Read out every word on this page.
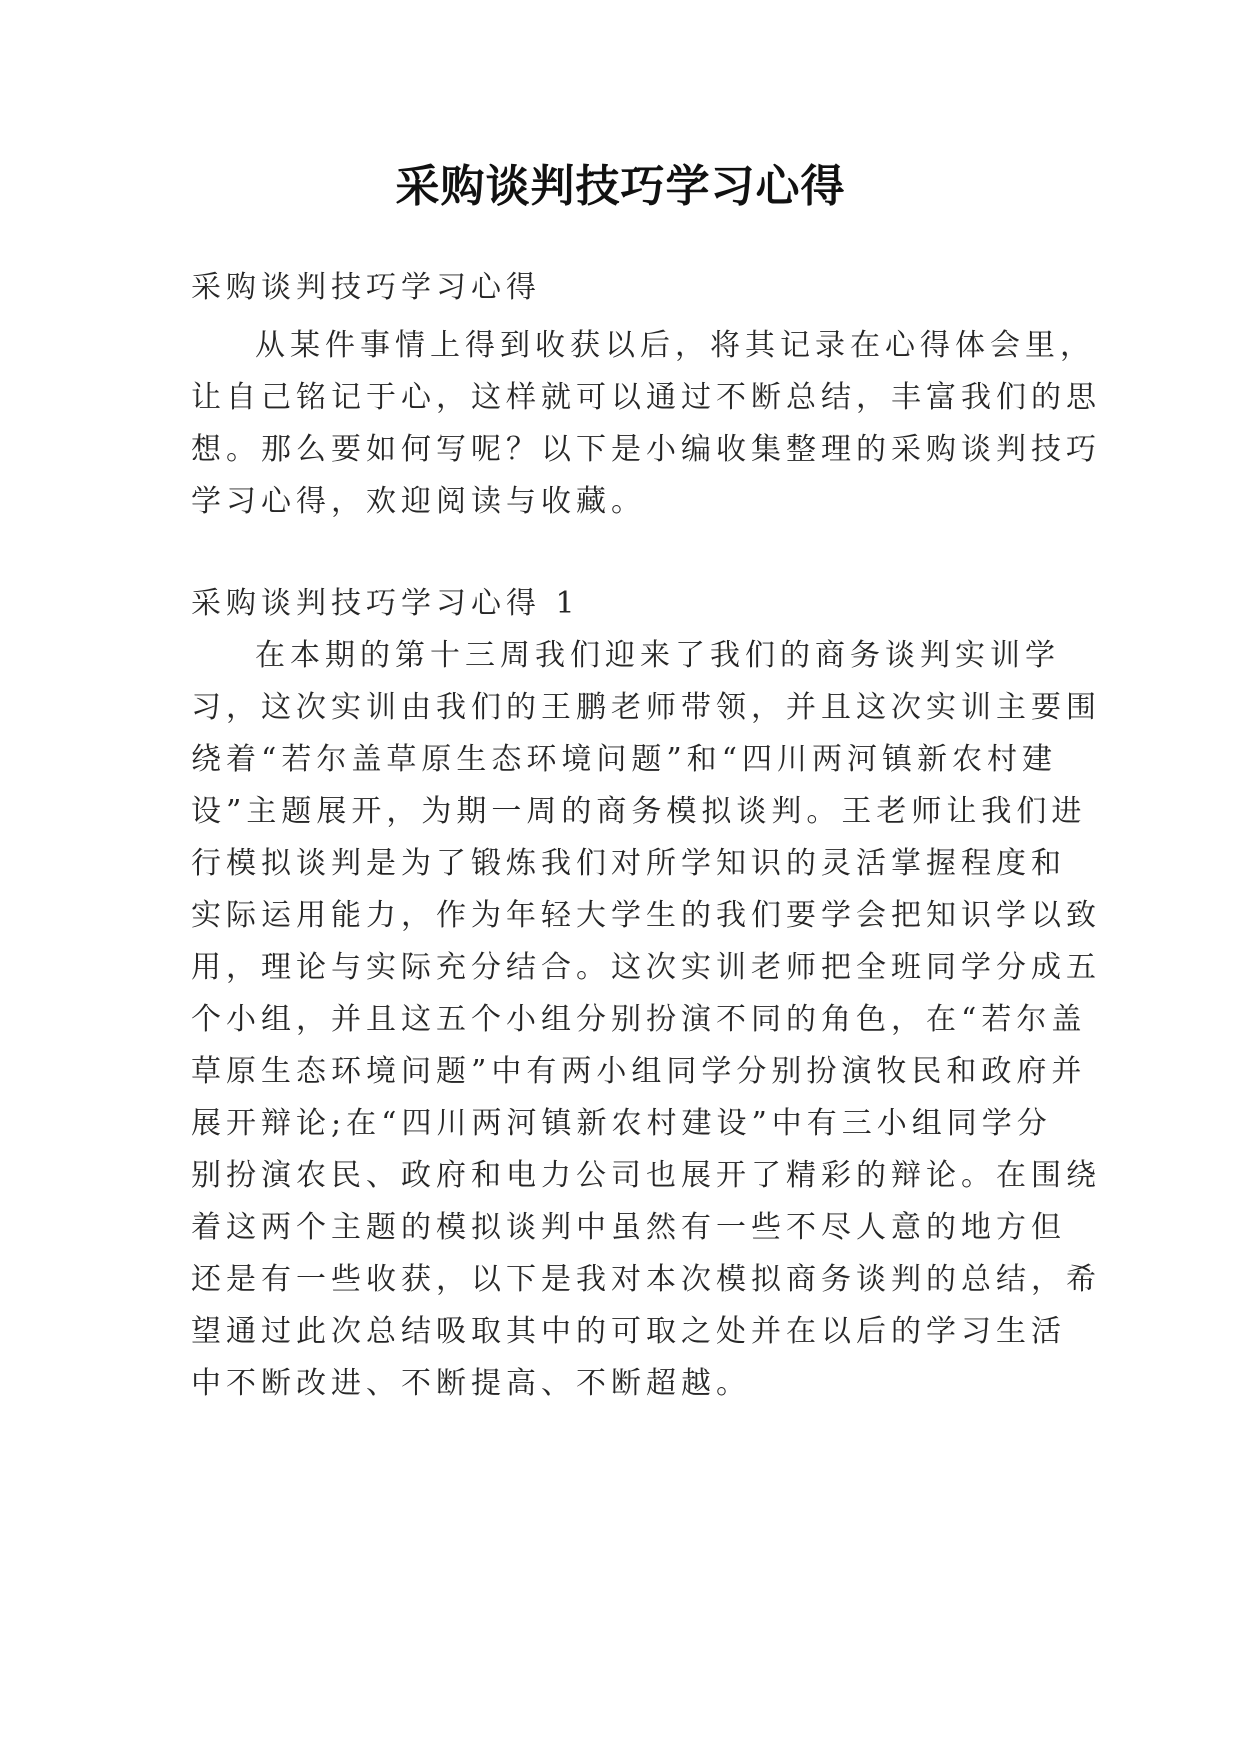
采购谈判技巧学习心得
采购谈判技巧学习心得
从某件事情上得到收获以后，将其记录在心得体会里，
让自己铭记于心，这样就可以通过不断总结，丰富我们的思
想。那么要如何写呢？以下是小编收集整理的采购谈判技巧
学习心得，欢迎阅读与收藏。
采购谈判技巧学习心得 1
在本期的第十三周我们迎来了我们的商务谈判实训学
习，这次实训由我们的王鹏老师带领，并且这次实训主要围
绕着“若尔盖草原生态环境问题”和“四川两河镇新农村建
设”主题展开，为期一周的商务模拟谈判。王老师让我们进
行模拟谈判是为了锻炼我们对所学知识的灵活掌握程度和
实际运用能力，作为年轻大学生的我们要学会把知识学以致
用，理论与实际充分结合。这次实训老师把全班同学分成五
个小组，并且这五个小组分别扮演不同的角色，在“若尔盖
草原生态环境问题”中有两小组同学分别扮演牧民和政府并
展开辩论;在“四川两河镇新农村建设”中有三小组同学分
别扮演农民、政府和电力公司也展开了精彩的辩论。在围绕
着这两个主题的模拟谈判中虽然有一些不尽人意的地方但
还是有一些收获，以下是我对本次模拟商务谈判的总结，希
望通过此次总结吸取其中的可取之处并在以后的学习生活
中不断改进、不断提高、不断超越。
